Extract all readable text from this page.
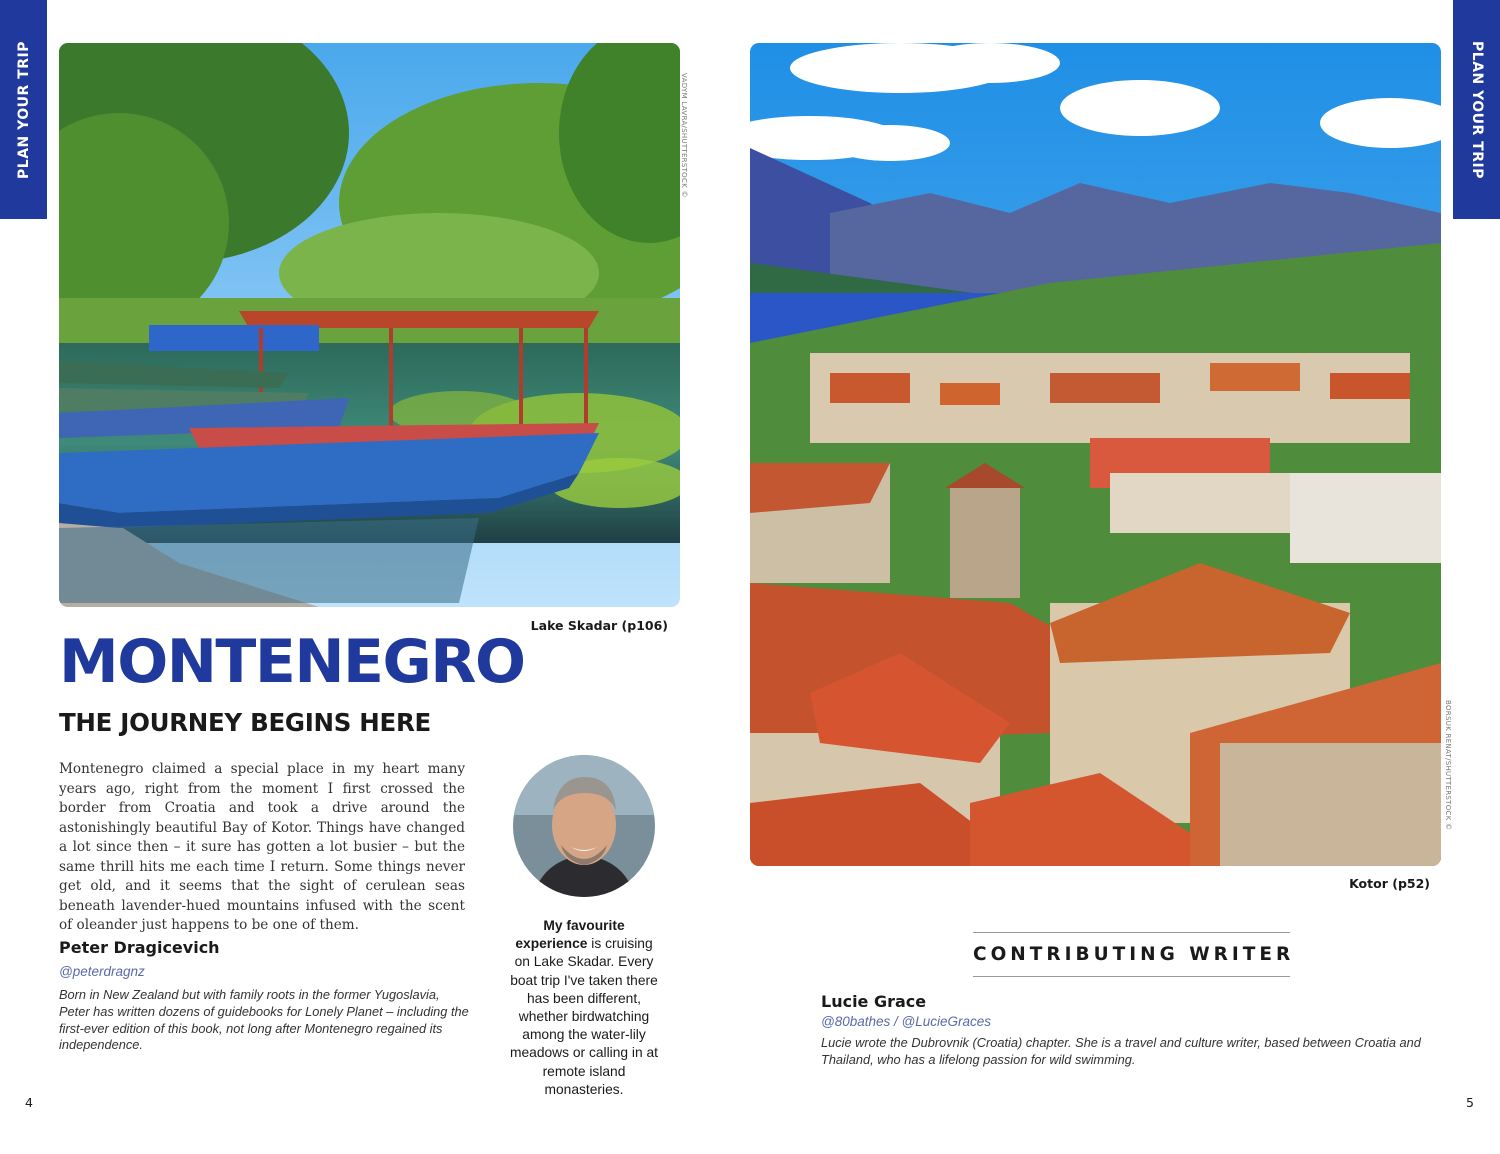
PLAN YOUR TRIP	PLAN YOUR TRIP
VADYM LAVRA/SHUTTERSTOCK ©
Lake Skadar (p106)
BORSUK RENAT/SHUTTERSTOCK ©
Kotor (p52)
MONTENEGRO
THE JOURNEY BEGINS HERE

Montenegro claimed a special place in my heart many years ago, right from the moment I first crossed the border from Croatia and took a drive around the astonishingly beautiful Bay of Kotor. Things have changed a lot since then – it sure has gotten a lot busier – but the same thrill hits me each time I return. Some things never get old, and it seems that the sight of cerulean seas beneath lavender-hued mountains infused with the scent of oleander just happens to be one of them.

Peter Dragicevich
@peterdragnz

Born in New Zealand but with family roots in the former Yugoslavia, Peter has written dozens of guidebooks for Lonely Planet – including the first-ever edition of this book, not long after Montenegro regained its independence.

My favourite experience is cruising on Lake Skadar. Every boat trip I've taken there has been different, whether birdwatching among the water-lily meadows or calling in at remote island monasteries.

CONTRIBUTING WRITER
Lucie Grace
@80bathes / @LucieGraces

Lucie wrote the Dubrovnik (Croatia) chapter. She is a travel and culture writer, based between Croatia and Thailand, who has a lifelong passion for wild swimming.

4	5
